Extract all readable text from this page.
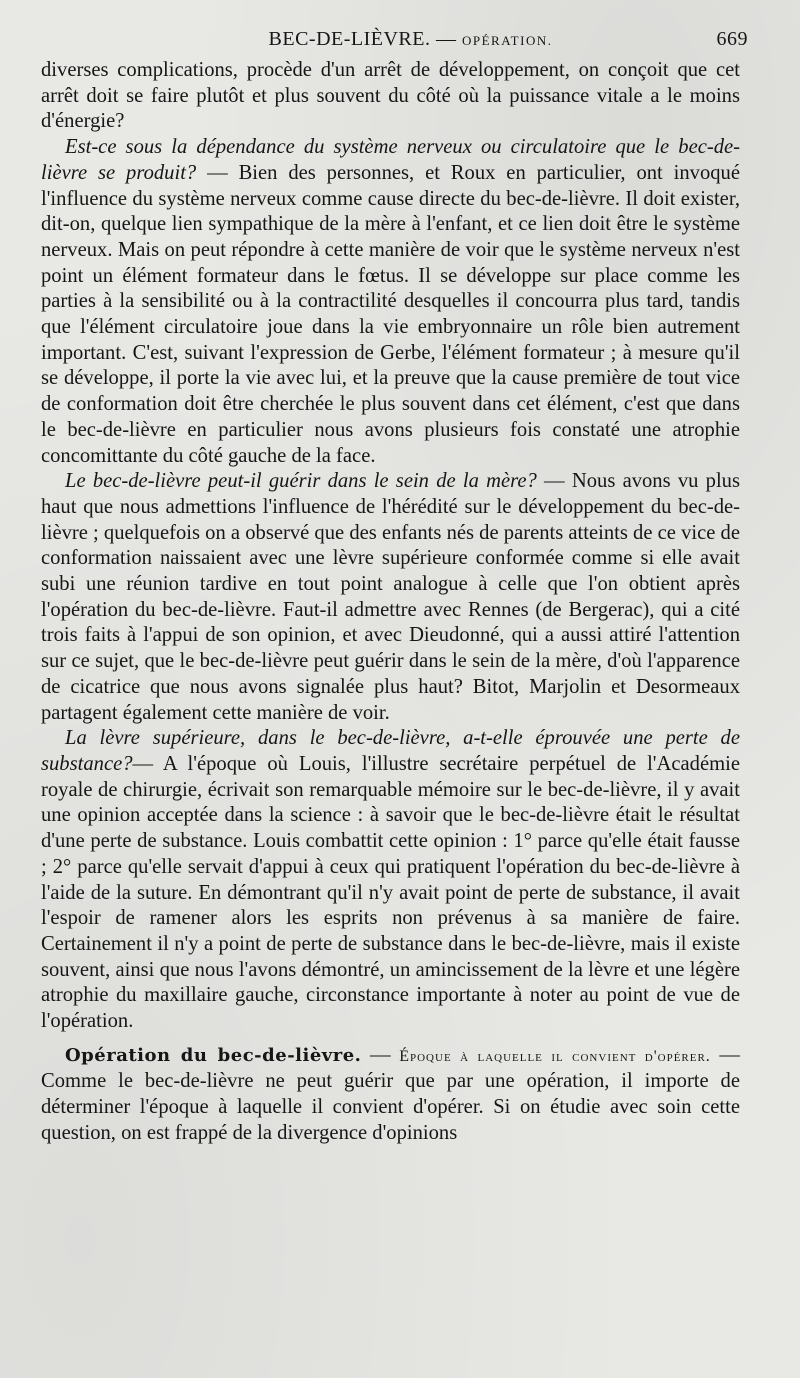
BEC-DE-LIÈVRE. — OPÉRATION.	669

diverses complications, procède d'un arrêt de développement, on conçoit que cet arrêt doit se faire plutôt et plus souvent du côté où la puissance vitale a le moins d'énergie?

Est-ce sous la dépendance du système nerveux ou circulatoire que le bec-de-lièvre se produit? — Bien des personnes, et Roux en particulier, ont invoqué l'influence du système nerveux comme cause directe du bec-de-lièvre. Il doit exister, dit-on, quelque lien sympathique de la mère à l'enfant, et ce lien doit être le système nerveux. Mais on peut répondre à cette manière de voir que le système nerveux n'est point un élément formateur dans le fœtus. Il se développe sur place comme les parties à la sensibilité ou à la contractilité desquelles il concourra plus tard, tandis que l'élément circulatoire joue dans la vie embryonnaire un rôle bien autrement important. C'est, suivant l'expression de Gerbe, l'élément formateur ; à mesure qu'il se développe, il porte la vie avec lui, et la preuve que la cause première de tout vice de conformation doit être cherchée le plus souvent dans cet élément, c'est que dans le bec-de-lièvre en particulier nous avons plusieurs fois constaté une atrophie concomittante du côté gauche de la face.

Le bec-de-lièvre peut-il guérir dans le sein de la mère? — Nous avons vu plus haut que nous admettions l'influence de l'hérédité sur le développement du bec-de-lièvre ; quelquefois on a observé que des enfants nés de parents atteints de ce vice de conformation naissaient avec une lèvre supérieure conformée comme si elle avait subi une réunion tardive en tout point analogue à celle que l'on obtient après l'opération du bec-de-lièvre. Faut-il admettre avec Rennes (de Bergerac), qui a cité trois faits à l'appui de son opinion, et avec Dieudonné, qui a aussi attiré l'attention sur ce sujet, que le bec-de-lièvre peut guérir dans le sein de la mère, d'où l'apparence de cicatrice que nous avons signalée plus haut? Bitot, Marjolin et Desormeaux partagent également cette manière de voir.

La lèvre supérieure, dans le bec-de-lièvre, a-t-elle éprouvée une perte de substance?— A l'époque où Louis, l'illustre secrétaire perpétuel de l'Académie royale de chirurgie, écrivait son remarquable mémoire sur le bec-de-lièvre, il y avait une opinion acceptée dans la science : à savoir que le bec-de-lièvre était le résultat d'une perte de substance. Louis combattit cette opinion : 1° parce qu'elle était fausse ; 2° parce qu'elle servait d'appui à ceux qui pratiquent l'opération du bec-de-lièvre à l'aide de la suture. En démontrant qu'il n'y avait point de perte de substance, il avait l'espoir de ramener alors les esprits non prévenus à sa manière de faire. Certainement il n'y a point de perte de substance dans le bec-de-lièvre, mais il existe souvent, ainsi que nous l'avons démontré, un amincissement de la lèvre et une légère atrophie du maxillaire gauche, circonstance importante à noter au point de vue de l'opération.

Opération du bec-de-lièvre. — Époque à laquelle il convient d'opérer. — Comme le bec-de-lièvre ne peut guérir que par une opération, il importe de déterminer l'époque à laquelle il convient d'opérer. Si on étudie avec soin cette question, on est frappé de la divergence d'opinions
